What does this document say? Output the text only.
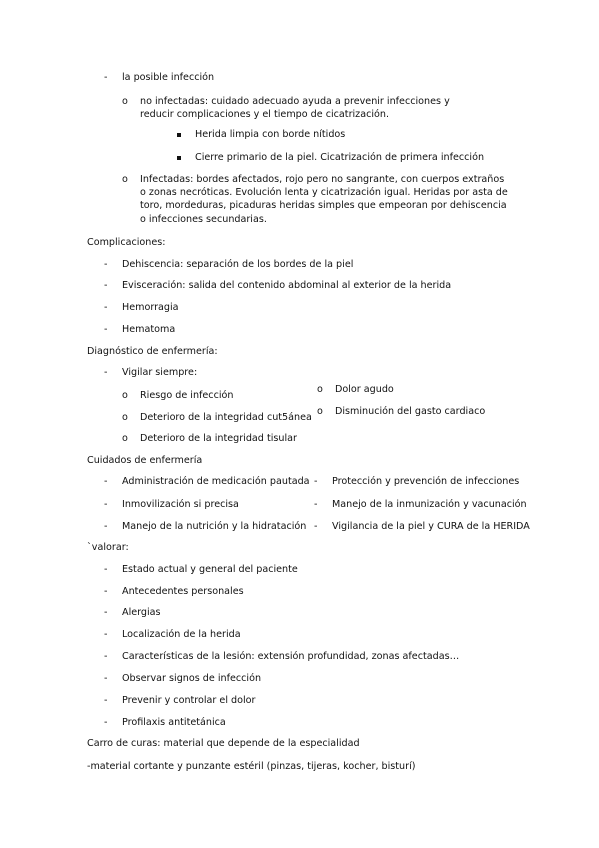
- la posible infección
o no infectadas: cuidado adecuado ayuda a prevenir infecciones y reducir complicaciones y el tiempo de cicatrización.
Herida limpia con borde nítidos
Cierre primario de la piel. Cicatrización de primera infección
o Infectadas: bordes afectados, rojo pero no sangrante, con cuerpos extraños o zonas necróticas. Evolución lenta y cicatrización igual. Heridas por asta de toro, mordeduras, picaduras heridas simples que empeoran por dehiscencia o infecciones secundarias.
Complicaciones:
- Dehiscencia: separación de los bordes de la piel
- Evisceración: salida del contenido abdominal al exterior de la herida
- Hemorragia
- Hematoma
Diagnóstico de enfermería:
- Vigilar siempre:
o Riesgo de infección
o Deterioro de la integridad cut5ánea
o Deterioro de la integridad tisular
o Dolor agudo
o Disminución del gasto cardiaco
Cuidados de enfermería
- Administración de medicación pautada
- Inmovilización si precisa
- Manejo de la nutrición y la hidratación
- Protección y prevención de infecciones
- Manejo de la inmunización y vacunación
- Vigilancia de la piel y CURA de la HERIDA
`valorar:
- Estado actual y general del paciente
- Antecedentes personales
- Alergias
- Localización de la herida
- Características de la lesión: extensión profundidad, zonas afectadas…
- Observar signos de infección
- Prevenir y controlar el dolor
- Profilaxis antitetánica
Carro de curas: material que depende de la especialidad
-material cortante y punzante estéril (pinzas, tijeras, kocher, bisturí)
